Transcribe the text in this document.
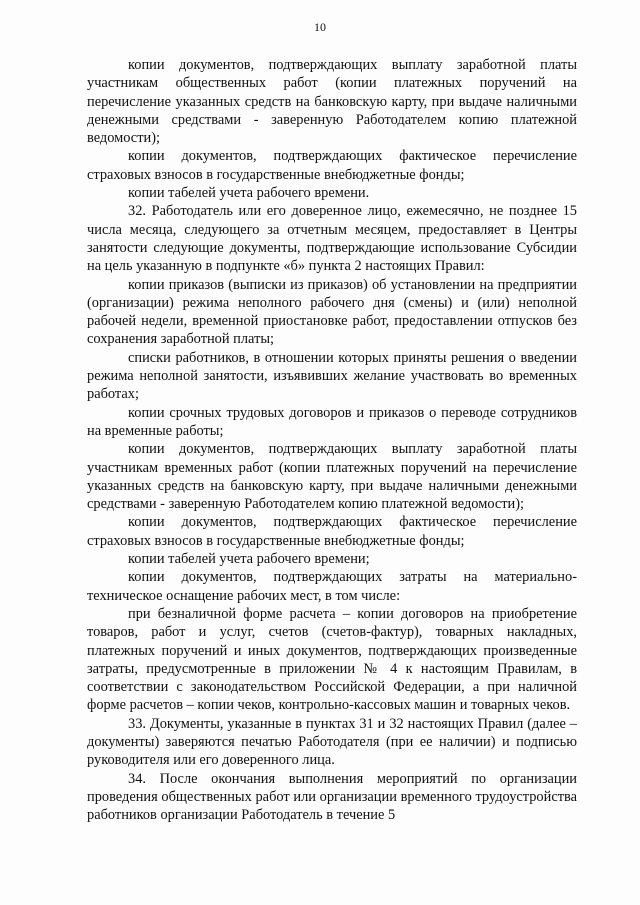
10

копии документов, подтверждающих выплату заработной платы участникам общественных работ (копии платежных поручений на перечисление указанных средств на банковскую карту, при выдаче наличными денежными средствами - заверенную Работодателем копию платежной ведомости);

копии документов, подтверждающих фактическое перечисление страховых взносов в государственные внебюджетные фонды;

копии табелей учета рабочего времени.

32. Работодатель или его доверенное лицо, ежемесячно, не позднее 15 числа месяца, следующего за отчетным месяцем, предоставляет в Центры занятости следующие документы, подтверждающие использование Субсидии на цель указанную в подпункте «б» пункта 2 настоящих Правил:

копии приказов (выписки из приказов) об установлении на предприятии (организации) режима неполного рабочего дня (смены) и (или) неполной рабочей недели, временной приостановке работ, предоставлении отпусков без сохранения заработной платы;

списки работников, в отношении которых приняты решения о введении режима неполной занятости, изъявивших желание участвовать во временных работах;

копии срочных трудовых договоров и приказов о переводе сотрудников на временные работы;

копии документов, подтверждающих выплату заработной платы участникам временных работ (копии платежных поручений на перечисление указанных средств на банковскую карту, при выдаче наличными денежными средствами - заверенную Работодателем копию платежной ведомости);

копии документов, подтверждающих фактическое перечисление страховых взносов в государственные внебюджетные фонды;

копии табелей учета рабочего времени;

копии документов, подтверждающих затраты на материально-техническое оснащение рабочих мест, в том числе:

при безналичной форме расчета – копии договоров на приобретение товаров, работ и услуг, счетов (счетов-фактур), товарных накладных, платежных поручений и иных документов, подтверждающих произведенные затраты, предусмотренные в приложении № 4 к настоящим Правилам, в соответствии с законодательством Российской Федерации, а при наличной форме расчетов – копии чеков, контрольно-кассовых машин и товарных чеков.

33. Документы, указанные в пунктах 31 и 32 настоящих Правил (далее – документы) заверяются печатью Работодателя (при ее наличии) и подписью руководителя или его доверенного лица.

34. После окончания выполнения мероприятий по организации проведения общественных работ или организации временного трудоустройства работников организации Работодатель в течение 5
